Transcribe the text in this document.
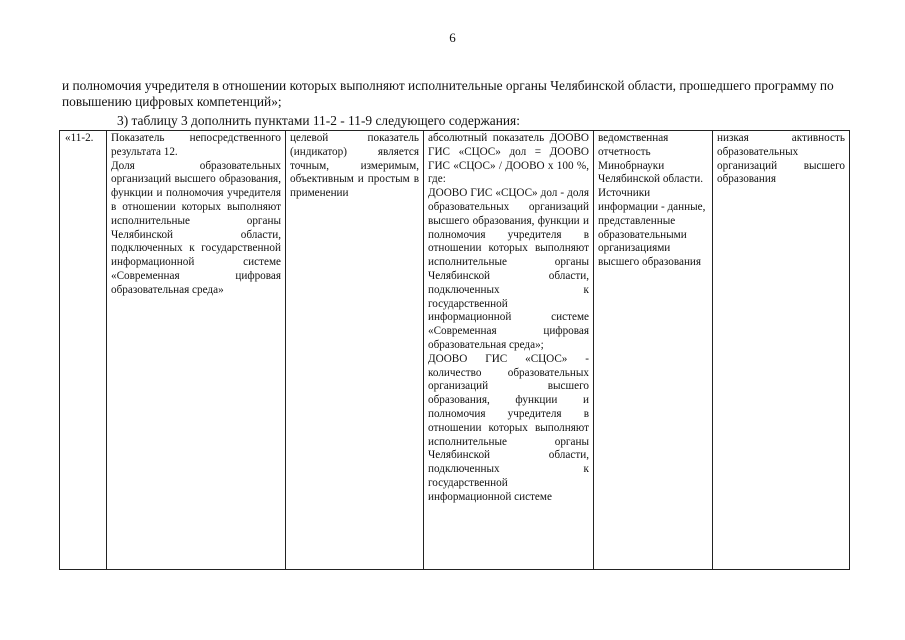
6

и полномочия учредителя в отношении которых выполняют исполнительные органы Челябинской области, прошедшего программу по повышению цифровых компетенций»;

3) таблицу 3 дополнить пунктами 11-2 - 11-9 следующего содержания:
«11-2.	Показатель непосредственного результата 12.
Доля образовательных организаций высшего образования, функции и полномочия учредителя в отношении которых выполняют исполнительные органы Челябинской области, подключенных к государственной информационной системе «Современная цифровая образовательная среда»

целевой показатель (индикатор) является точным, измеримым, объективным и простым в применении

абсолютный показатель ДООВО ГИС «СЦОС» дол = ДООВО ГИС «СЦОС» / ДООВО х 100 %, где:
ДООВО ГИС «СЦОС» дол - доля образовательных организаций высшего образования, функции и полномочия учредителя в отношении которых выполняют исполнительные органы Челябинской области, подключенных к государственной информационной системе «Современная цифровая образовательная среда»;
ДООВО ГИС «СЦОС» - количество образовательных организаций высшего образования, функции и полномочия учредителя в отношении которых выполняют исполнительные органы Челябинской области, подключенных к государственной информационной системе

ведомственная отчетность Минобрнауки Челябинской области.
Источники информации - данные, представленные образовательными организациями высшего образования

низкая активность образовательных организаций высшего образования
